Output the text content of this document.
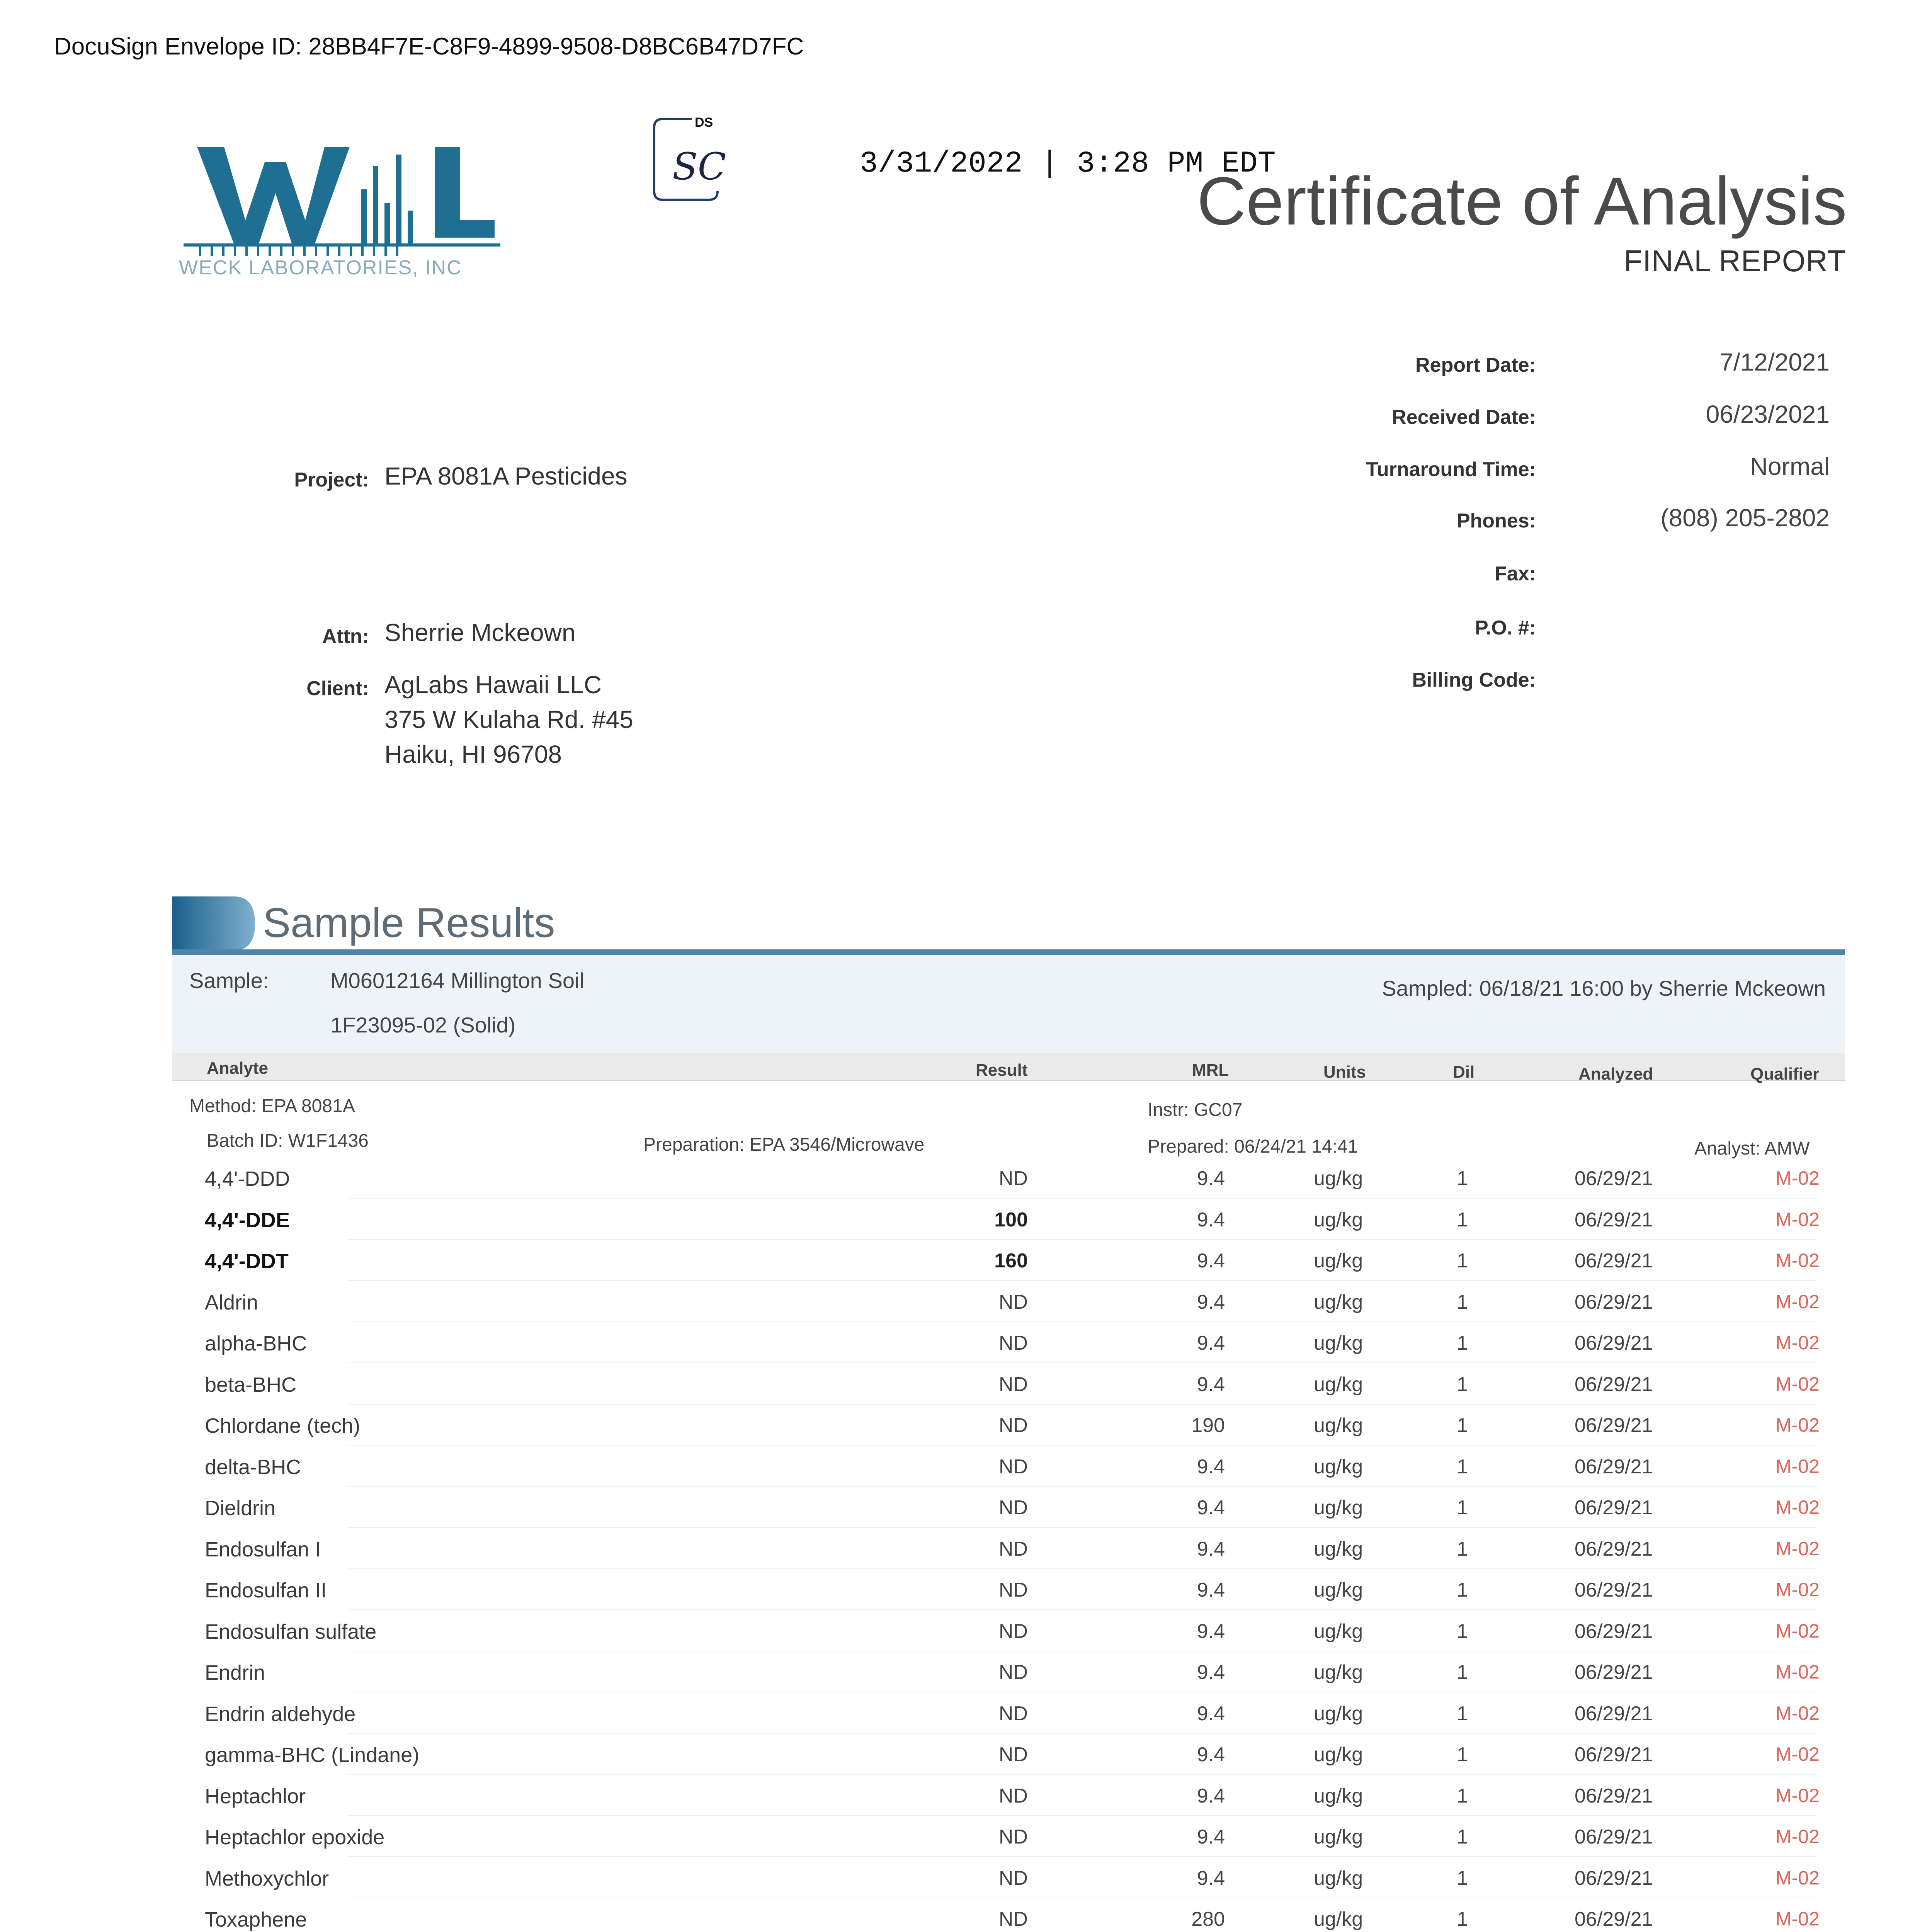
DocuSign Envelope ID: 28BB4F7E-C8F9-4899-9508-D8BC6B47D7FC
WECK LABORATORIES, INC
DS
SC	3/31/2022 | 3:28 PM EDT
Certificate of Analysis
FINAL REPORT
Report Date:	7/12/2021
Received Date:	06/23/2021
Turnaround Time:	Normal
Phones:	(808) 205-2802
Fax:
P.O. #:
Billing Code:
Project: EPA 8081A Pesticides
Attn: Sherrie Mckeown
Client: AgLabs Hawaii LLC
375 W Kulaha Rd. #45
Haiku, HI 96708
Sample Results
Sample:	M06012164 Millington Soil
1F23095-02 (Solid)
Sampled: 06/18/21 16:00 by Sherrie Mckeown
Analyte	Result	MRL	Units	Dil	Analyzed	Qualifier
Method: EPA 8081A	Instr: GC07
Batch ID: W1F1436	Preparation: EPA 3546/Microwave	Prepared: 06/24/21 14:41	Analyst: AMW
4,4'-DDD	ND	9.4	ug/kg	1	06/29/21	M-02
4,4'-DDE	100	9.4	ug/kg	1	06/29/21	M-02
4,4'-DDT	160	9.4	ug/kg	1	06/29/21	M-02
Aldrin	ND	9.4	ug/kg	1	06/29/21	M-02
alpha-BHC	ND	9.4	ug/kg	1	06/29/21	M-02
beta-BHC	ND	9.4	ug/kg	1	06/29/21	M-02
Chlordane (tech)	ND	190	ug/kg	1	06/29/21	M-02
delta-BHC	ND	9.4	ug/kg	1	06/29/21	M-02
Dieldrin	ND	9.4	ug/kg	1	06/29/21	M-02
Endosulfan I	ND	9.4	ug/kg	1	06/29/21	M-02
Endosulfan II	ND	9.4	ug/kg	1	06/29/21	M-02
Endosulfan sulfate	ND	9.4	ug/kg	1	06/29/21	M-02
Endrin	ND	9.4	ug/kg	1	06/29/21	M-02
Endrin aldehyde	ND	9.4	ug/kg	1	06/29/21	M-02
gamma-BHC (Lindane)	ND	9.4	ug/kg	1	06/29/21	M-02
Heptachlor	ND	9.4	ug/kg	1	06/29/21	M-02
Heptachlor epoxide	ND	9.4	ug/kg	1	06/29/21	M-02
Methoxychlor	ND	9.4	ug/kg	1	06/29/21	M-02
Toxaphene	ND	280	ug/kg	1	06/29/21	M-02
